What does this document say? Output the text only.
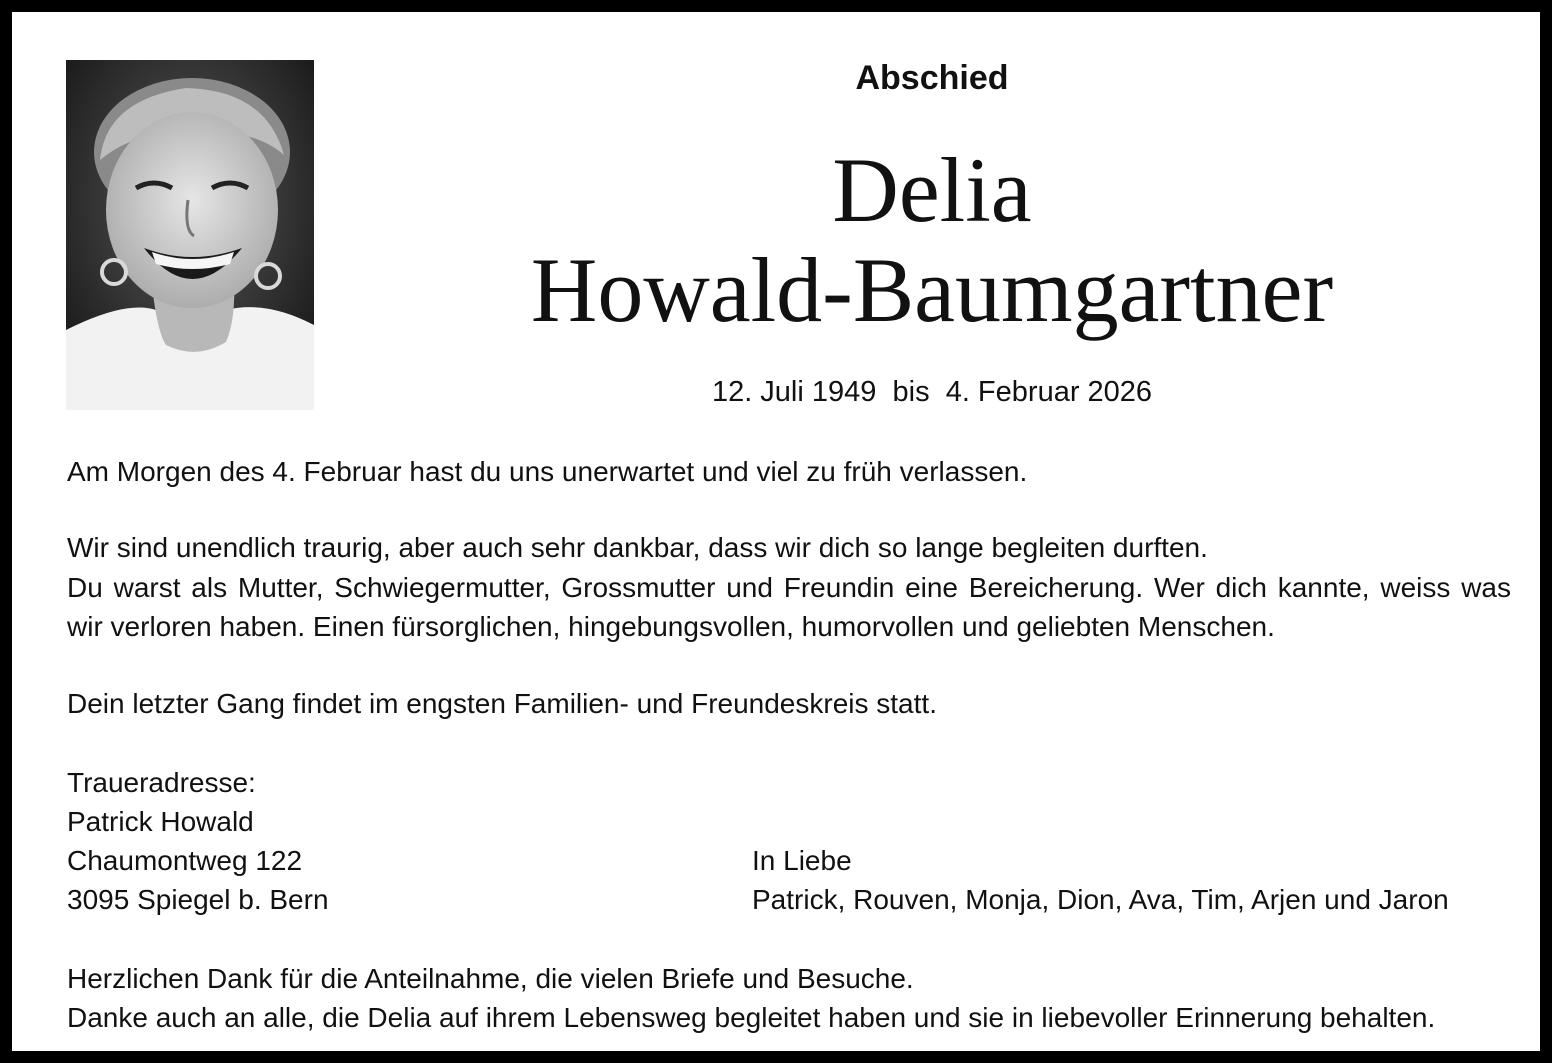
Abschied
Delia
Howald-Baumgartner
12. Juli 1949  bis  4. Februar 2026
Am Morgen des 4. Februar hast du uns unerwartet und viel zu früh verlassen.
Wir sind unendlich traurig, aber auch sehr dankbar, dass wir dich so lange begleiten durften.
Du warst als Mutter, Schwiegermutter, Grossmutter und Freundin eine Bereicherung. Wer dich kannte, weiss was wir verloren haben. Einen fürsorglichen, hingebungsvollen, humorvollen und geliebten Menschen.
Dein letzter Gang findet im engsten Familien- und Freundeskreis statt.
Traueradresse:
Patrick Howald
Chaumontweg 122
3095 Spiegel b. Bern
In Liebe
Patrick, Rouven, Monja, Dion, Ava, Tim, Arjen und Jaron
Herzlichen Dank für die Anteilnahme, die vielen Briefe und Besuche.
Danke auch an alle, die Delia auf ihrem Lebensweg begleitet haben und sie in liebevoller Erinnerung behalten.
